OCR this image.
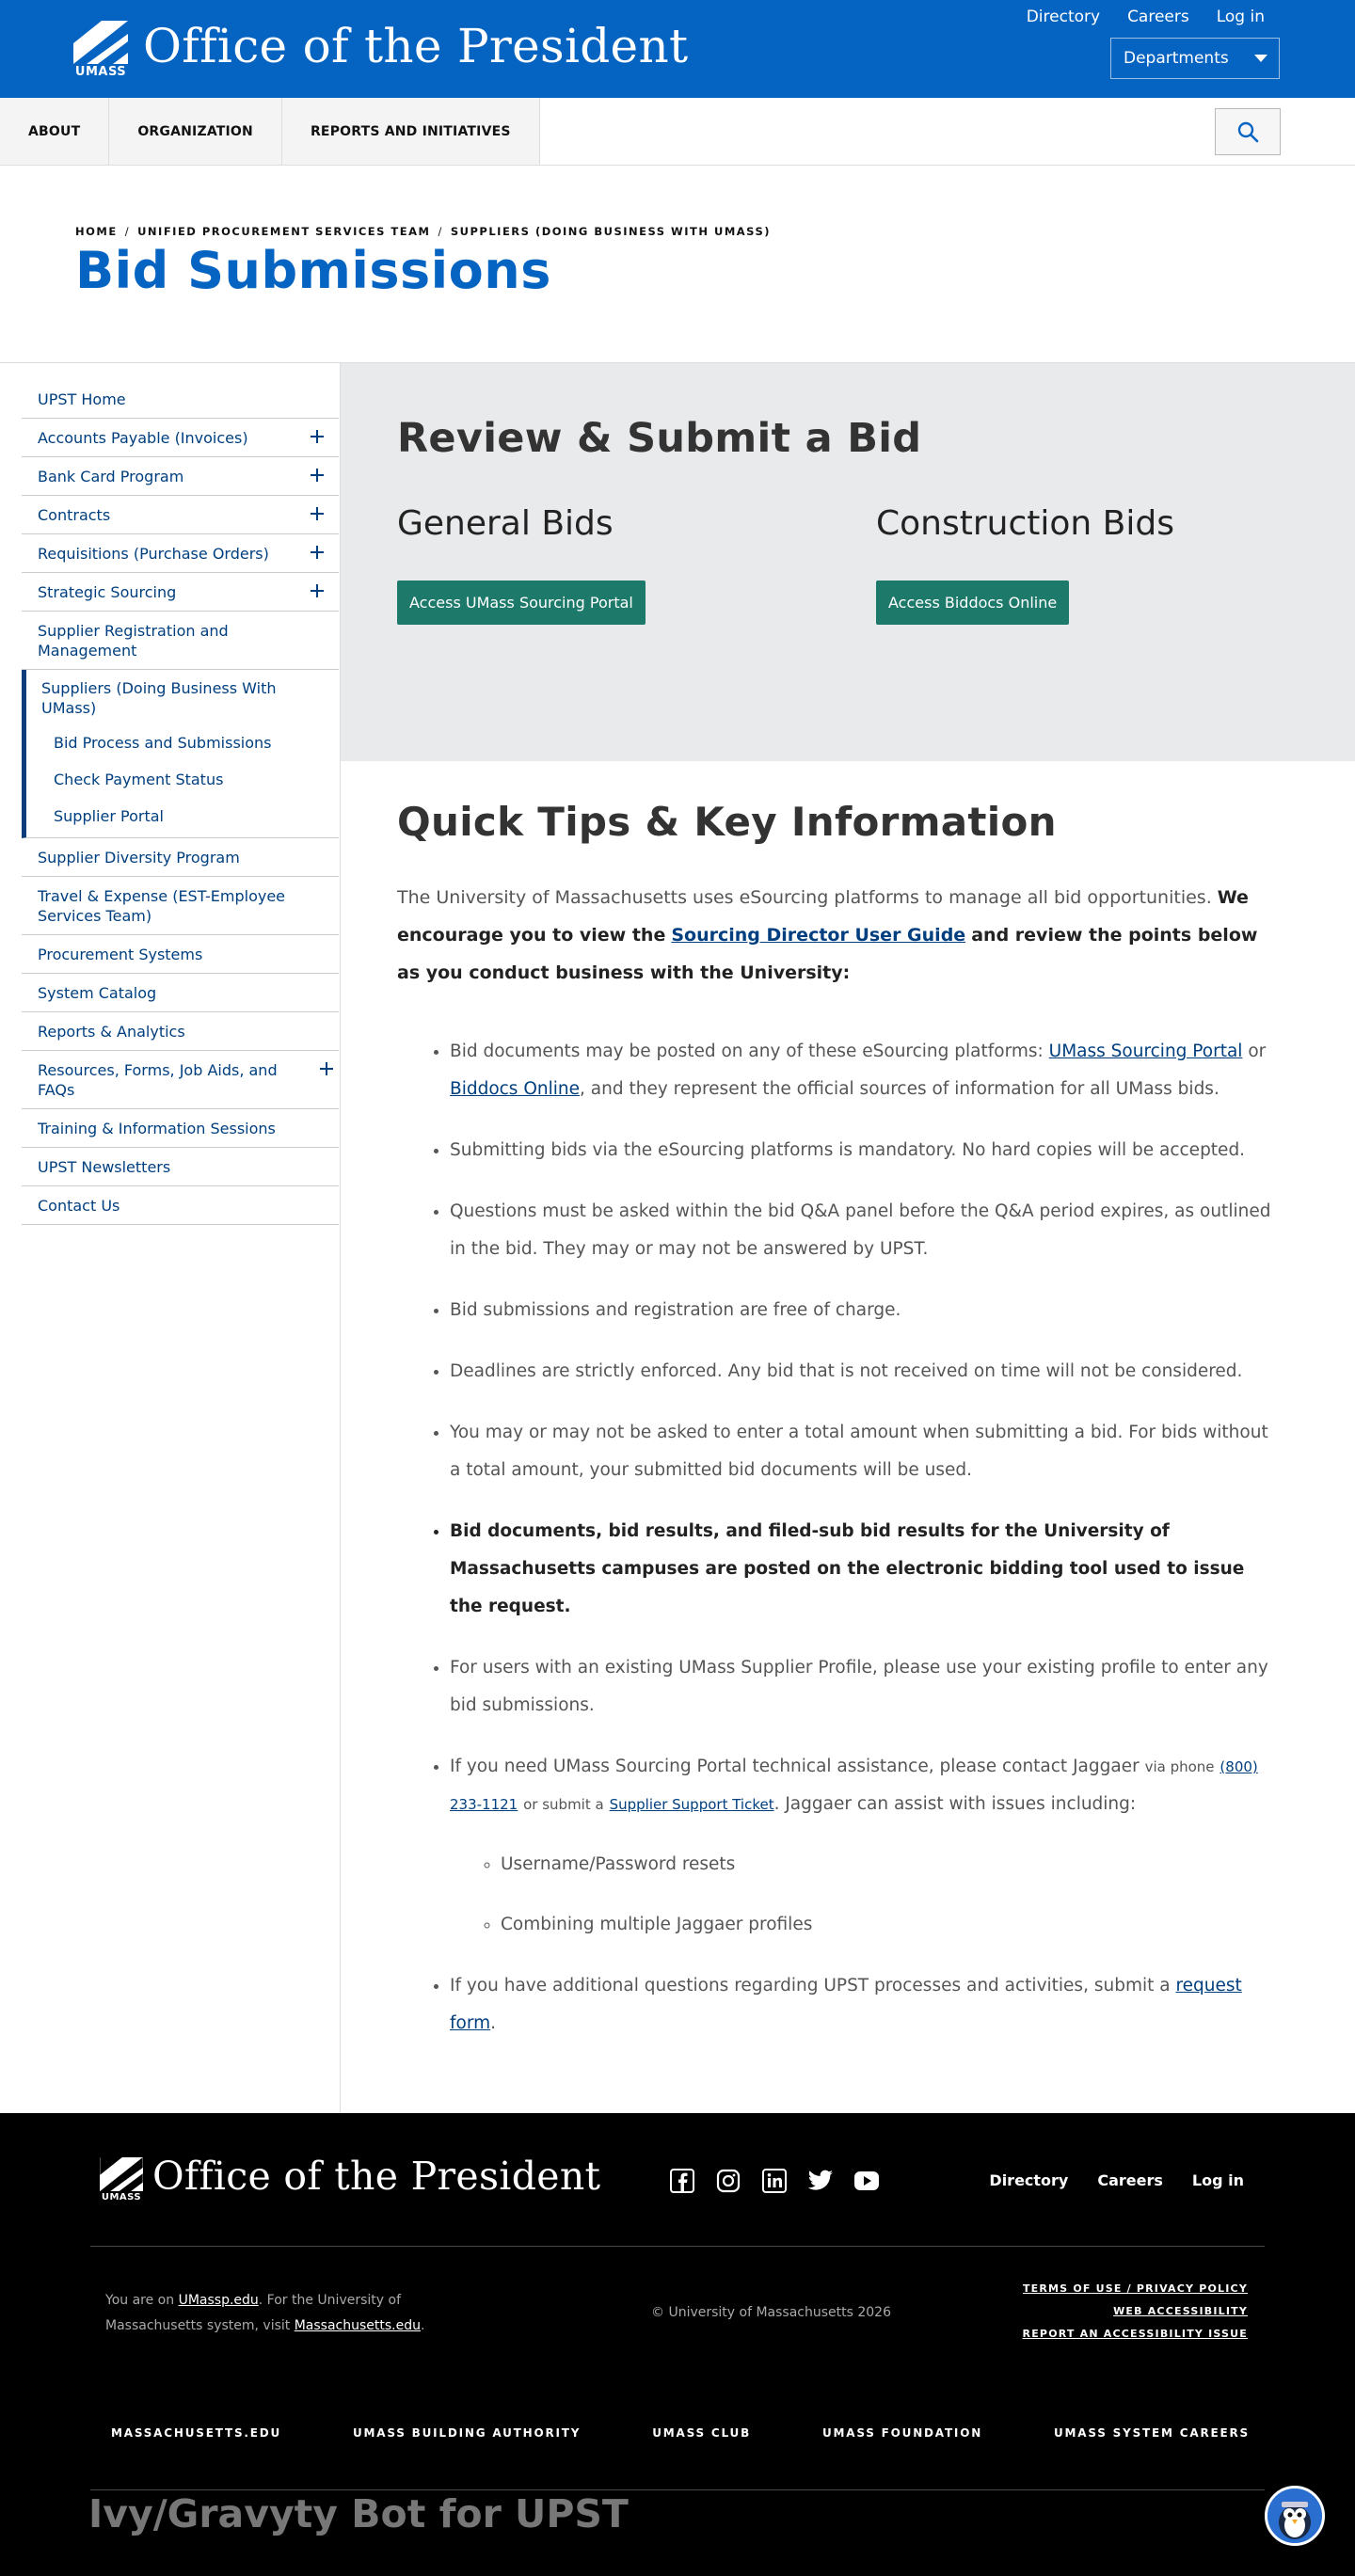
UMASS Office of the President
Directory Careers Log in
Departments
ABOUT	ORGANIZATION	REPORTS AND INITIATIVES
HOME / UNIFIED PROCUREMENT SERVICES TEAM / SUPPLIERS (DOING BUSINESS WITH UMASS)
Bid Submissions
UPST Home
Accounts Payable (Invoices)
Bank Card Program
Contracts
Requisitions (Purchase Orders)
Strategic Sourcing
Supplier Registration and Management
Suppliers (Doing Business With UMass)
Bid Process and Submissions
Check Payment Status
Supplier Portal
Supplier Diversity Program
Travel & Expense (EST-Employee Services Team)
Procurement Systems
System Catalog
Reports & Analytics
Resources, Forms, Job Aids, and FAQs
Training & Information Sessions
UPST Newsletters
Contact Us
Review & Submit a Bid
General Bids
Access UMass Sourcing Portal
Construction Bids
Access Biddocs Online
Quick Tips & Key Information

The University of Massachusetts uses eSourcing platforms to manage all bid opportunities. We encourage you to view the Sourcing Director User Guide and review the points below as you conduct business with the University:

• Bid documents may be posted on any of these eSourcing platforms: UMass Sourcing Portal or Biddocs Online, and they represent the official sources of information for all UMass bids.
• Submitting bids via the eSourcing platforms is mandatory. No hard copies will be accepted.
• Questions must be asked within the bid Q&A panel before the Q&A period expires, as outlined in the bid. They may or may not be answered by UPST.
• Bid submissions and registration are free of charge.
• Deadlines are strictly enforced. Any bid that is not received on time will not be considered.
• You may or may not be asked to enter a total amount when submitting a bid. For bids without a total amount, your submitted bid documents will be used.
• Bid documents, bid results, and filed-sub bid results for the University of Massachusetts campuses are posted on the electronic bidding tool used to issue the request.
• For users with an existing UMass Supplier Profile, please use your existing profile to enter any bid submissions.
• If you need UMass Sourcing Portal technical assistance, please contact Jaggaer via phone (800) 233-1121 or submit a Supplier Support Ticket. Jaggaer can assist with issues including:
◦ Username/Password resets
◦ Combining multiple Jaggaer profiles
• If you have additional questions regarding UPST processes and activities, submit a request form.
UMASS Office of the President	Directory Careers Log in

You are on UMassp.edu. For the University of Massachusetts system, visit Massachusetts.edu.

© University of Massachusetts 2026
TERMS OF USE / PRIVACY POLICY
WEB ACCESSIBILITY
REPORT AN ACCESSIBILITY ISSUE
MASSACHUSETTS.EDU	UMASS BUILDING AUTHORITY	UMASS CLUB	UMASS FOUNDATION	UMASS SYSTEM CAREERS
Ivy/Gravyty Bot for UPST
